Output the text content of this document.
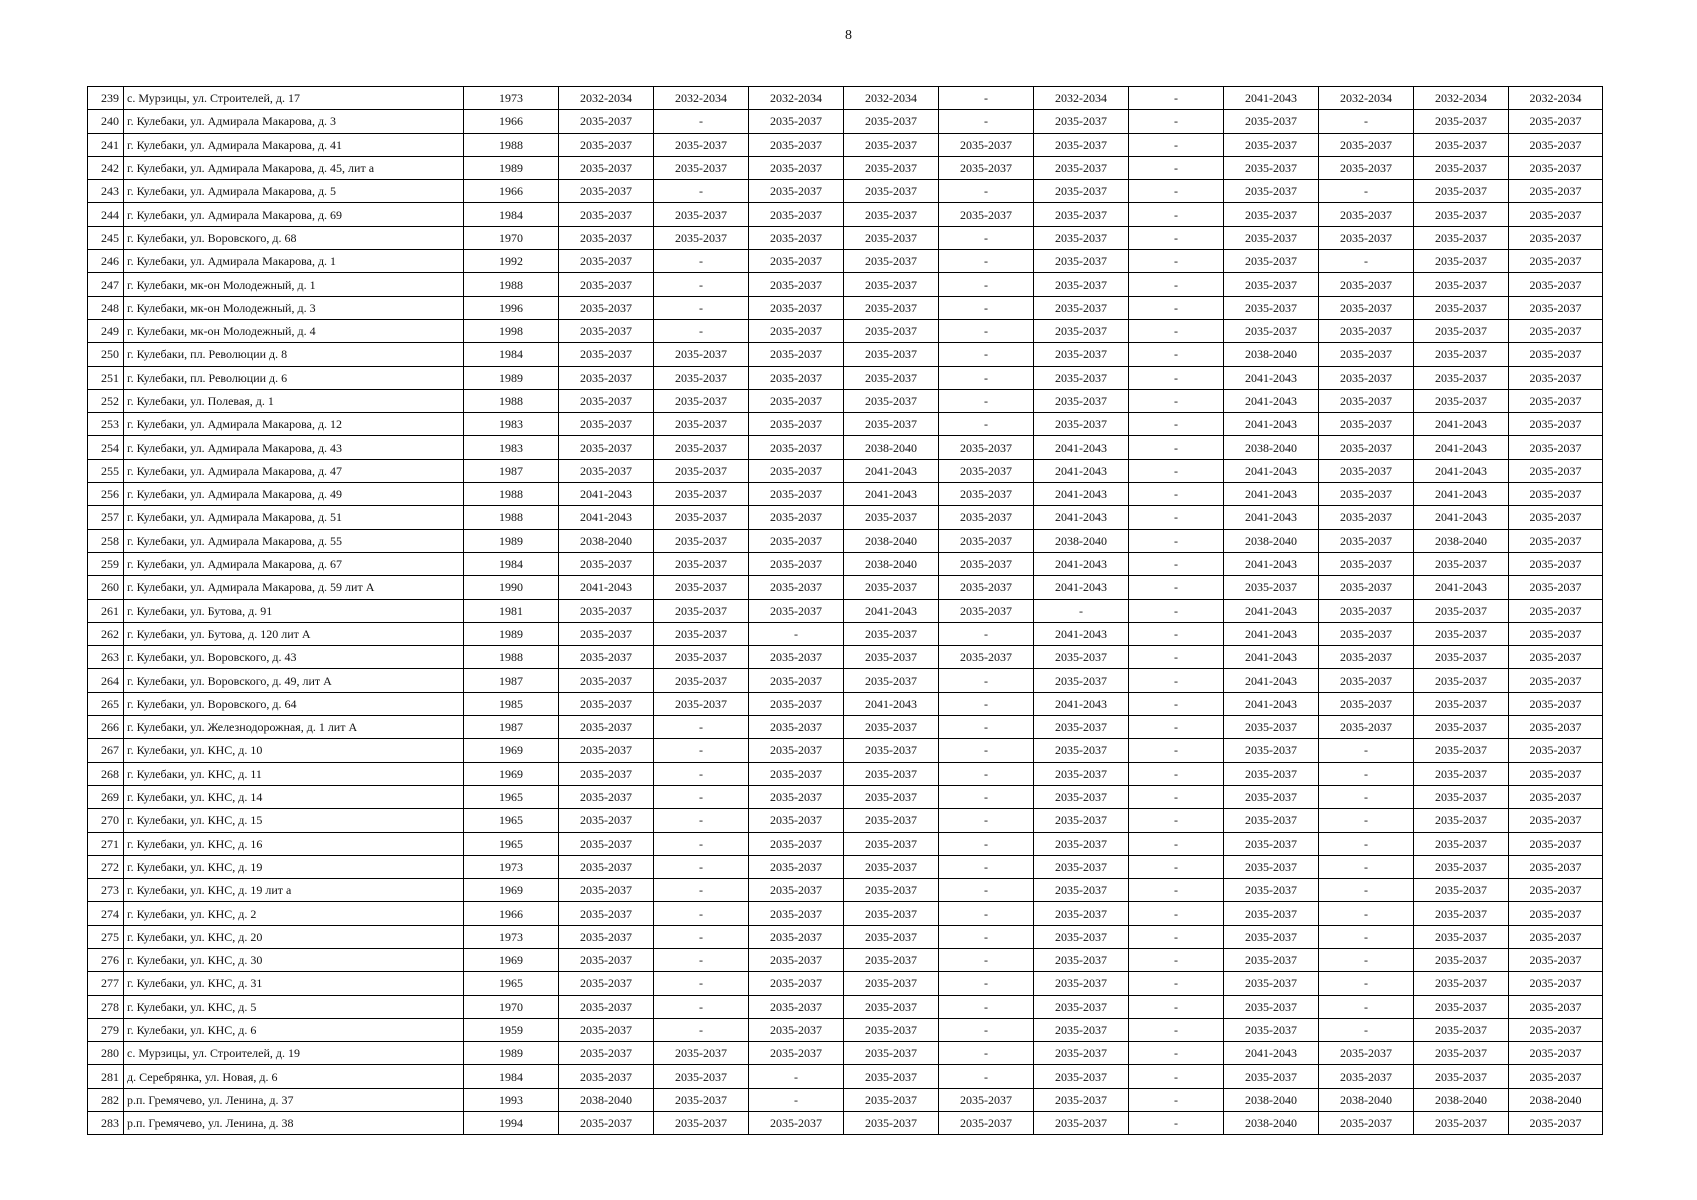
8
239	с. Мурзицы, ул. Строителей, д. 17	1973	2032-2034	2032-2034	2032-2034	2032-2034	-	2032-2034	-	2041-2043	2032-2034	2032-2034	2032-2034
240	г. Кулебаки, ул. Адмирала Макарова, д. 3	1966	2035-2037	-	2035-2037	2035-2037	-	2035-2037	-	2035-2037	-	2035-2037	2035-2037
241	г. Кулебаки, ул. Адмирала Макарова, д. 41	1988	2035-2037	2035-2037	2035-2037	2035-2037	2035-2037	2035-2037	-	2035-2037	2035-2037	2035-2037	2035-2037
242	г. Кулебаки, ул. Адмирала Макарова, д. 45, лит а	1989	2035-2037	2035-2037	2035-2037	2035-2037	2035-2037	2035-2037	-	2035-2037	2035-2037	2035-2037	2035-2037
243	г. Кулебаки, ул. Адмирала Макарова, д. 5	1966	2035-2037	-	2035-2037	2035-2037	-	2035-2037	-	2035-2037	-	2035-2037	2035-2037
244	г. Кулебаки, ул. Адмирала Макарова, д. 69	1984	2035-2037	2035-2037	2035-2037	2035-2037	2035-2037	2035-2037	-	2035-2037	2035-2037	2035-2037	2035-2037
245	г. Кулебаки, ул. Воровского, д. 68	1970	2035-2037	2035-2037	2035-2037	2035-2037	-	2035-2037	-	2035-2037	2035-2037	2035-2037	2035-2037
246	г. Кулебаки, ул. Адмирала Макарова, д. 1	1992	2035-2037	-	2035-2037	2035-2037	-	2035-2037	-	2035-2037	-	2035-2037	2035-2037
247	г. Кулебаки, мк-он Молодежный, д. 1	1988	2035-2037	-	2035-2037	2035-2037	-	2035-2037	-	2035-2037	2035-2037	2035-2037	2035-2037
248	г. Кулебаки, мк-он Молодежный, д. 3	1996	2035-2037	-	2035-2037	2035-2037	-	2035-2037	-	2035-2037	2035-2037	2035-2037	2035-2037
249	г. Кулебаки, мк-он Молодежный, д. 4	1998	2035-2037	-	2035-2037	2035-2037	-	2035-2037	-	2035-2037	2035-2037	2035-2037	2035-2037
250	г. Кулебаки, пл. Революции д. 8	1984	2035-2037	2035-2037	2035-2037	2035-2037	-	2035-2037	-	2038-2040	2035-2037	2035-2037	2035-2037
251	г. Кулебаки, пл. Революции д. 6	1989	2035-2037	2035-2037	2035-2037	2035-2037	-	2035-2037	-	2041-2043	2035-2037	2035-2037	2035-2037
252	г. Кулебаки, ул. Полевая, д. 1	1988	2035-2037	2035-2037	2035-2037	2035-2037	-	2035-2037	-	2041-2043	2035-2037	2035-2037	2035-2037
253	г. Кулебаки, ул. Адмирала Макарова, д. 12	1983	2035-2037	2035-2037	2035-2037	2035-2037	-	2035-2037	-	2041-2043	2035-2037	2041-2043	2035-2037
254	г. Кулебаки, ул. Адмирала Макарова, д. 43	1983	2035-2037	2035-2037	2035-2037	2038-2040	2035-2037	2041-2043	-	2038-2040	2035-2037	2041-2043	2035-2037
255	г. Кулебаки, ул. Адмирала Макарова, д. 47	1987	2035-2037	2035-2037	2035-2037	2041-2043	2035-2037	2041-2043	-	2041-2043	2035-2037	2041-2043	2035-2037
256	г. Кулебаки, ул. Адмирала Макарова, д. 49	1988	2041-2043	2035-2037	2035-2037	2041-2043	2035-2037	2041-2043	-	2041-2043	2035-2037	2041-2043	2035-2037
257	г. Кулебаки, ул. Адмирала Макарова, д. 51	1988	2041-2043	2035-2037	2035-2037	2035-2037	2035-2037	2041-2043	-	2041-2043	2035-2037	2041-2043	2035-2037
258	г. Кулебаки, ул. Адмирала Макарова, д. 55	1989	2038-2040	2035-2037	2035-2037	2038-2040	2035-2037	2038-2040	-	2038-2040	2035-2037	2038-2040	2035-2037
259	г. Кулебаки, ул. Адмирала Макарова, д. 67	1984	2035-2037	2035-2037	2035-2037	2038-2040	2035-2037	2041-2043	-	2041-2043	2035-2037	2035-2037	2035-2037
260	г. Кулебаки, ул. Адмирала Макарова, д. 59 лит А	1990	2041-2043	2035-2037	2035-2037	2035-2037	2035-2037	2041-2043	-	2035-2037	2035-2037	2041-2043	2035-2037
261	г. Кулебаки, ул. Бутова, д. 91	1981	2035-2037	2035-2037	2035-2037	2041-2043	2035-2037	-	-	2041-2043	2035-2037	2035-2037	2035-2037
262	г. Кулебаки, ул. Бутова, д. 120 лит А	1989	2035-2037	2035-2037	-	2035-2037	-	2041-2043	-	2041-2043	2035-2037	2035-2037	2035-2037
263	г. Кулебаки, ул. Воровского, д. 43	1988	2035-2037	2035-2037	2035-2037	2035-2037	2035-2037	2035-2037	-	2041-2043	2035-2037	2035-2037	2035-2037
264	г. Кулебаки, ул. Воровского, д. 49, лит А	1987	2035-2037	2035-2037	2035-2037	2035-2037	-	2035-2037	-	2041-2043	2035-2037	2035-2037	2035-2037
265	г. Кулебаки, ул. Воровского, д. 64	1985	2035-2037	2035-2037	2035-2037	2041-2043	-	2041-2043	-	2041-2043	2035-2037	2035-2037	2035-2037
266	г. Кулебаки, ул. Железнодорожная, д. 1 лит А	1987	2035-2037	-	2035-2037	2035-2037	-	2035-2037	-	2035-2037	2035-2037	2035-2037	2035-2037
267	г. Кулебаки, ул. КНС, д. 10	1969	2035-2037	-	2035-2037	2035-2037	-	2035-2037	-	2035-2037	-	2035-2037	2035-2037
268	г. Кулебаки, ул. КНС, д. 11	1969	2035-2037	-	2035-2037	2035-2037	-	2035-2037	-	2035-2037	-	2035-2037	2035-2037
269	г. Кулебаки, ул. КНС, д. 14	1965	2035-2037	-	2035-2037	2035-2037	-	2035-2037	-	2035-2037	-	2035-2037	2035-2037
270	г. Кулебаки, ул. КНС, д. 15	1965	2035-2037	-	2035-2037	2035-2037	-	2035-2037	-	2035-2037	-	2035-2037	2035-2037
271	г. Кулебаки, ул. КНС, д. 16	1965	2035-2037	-	2035-2037	2035-2037	-	2035-2037	-	2035-2037	-	2035-2037	2035-2037
272	г. Кулебаки, ул. КНС, д. 19	1973	2035-2037	-	2035-2037	2035-2037	-	2035-2037	-	2035-2037	-	2035-2037	2035-2037
273	г. Кулебаки, ул. КНС, д. 19 лит а	1969	2035-2037	-	2035-2037	2035-2037	-	2035-2037	-	2035-2037	-	2035-2037	2035-2037
274	г. Кулебаки, ул. КНС, д. 2	1966	2035-2037	-	2035-2037	2035-2037	-	2035-2037	-	2035-2037	-	2035-2037	2035-2037
275	г. Кулебаки, ул. КНС, д. 20	1973	2035-2037	-	2035-2037	2035-2037	-	2035-2037	-	2035-2037	-	2035-2037	2035-2037
276	г. Кулебаки, ул. КНС, д. 30	1969	2035-2037	-	2035-2037	2035-2037	-	2035-2037	-	2035-2037	-	2035-2037	2035-2037
277	г. Кулебаки, ул. КНС, д. 31	1965	2035-2037	-	2035-2037	2035-2037	-	2035-2037	-	2035-2037	-	2035-2037	2035-2037
278	г. Кулебаки, ул. КНС, д. 5	1970	2035-2037	-	2035-2037	2035-2037	-	2035-2037	-	2035-2037	-	2035-2037	2035-2037
279	г. Кулебаки, ул. КНС, д. 6	1959	2035-2037	-	2035-2037	2035-2037	-	2035-2037	-	2035-2037	-	2035-2037	2035-2037
280	с. Мурзицы, ул. Строителей, д. 19	1989	2035-2037	2035-2037	2035-2037	2035-2037	-	2035-2037	-	2041-2043	2035-2037	2035-2037	2035-2037
281	д. Серебрянка, ул. Новая, д. 6	1984	2035-2037	2035-2037	-	2035-2037	-	2035-2037	-	2035-2037	2035-2037	2035-2037	2035-2037
282	р.п. Гремячево, ул. Ленина, д. 37	1993	2038-2040	2035-2037	-	2035-2037	2035-2037	2035-2037	-	2038-2040	2038-2040	2038-2040	2038-2040
283	р.п. Гремячево, ул. Ленина, д. 38	1994	2035-2037	2035-2037	2035-2037	2035-2037	2035-2037	2035-2037	-	2038-2040	2035-2037	2035-2037	2035-2037
